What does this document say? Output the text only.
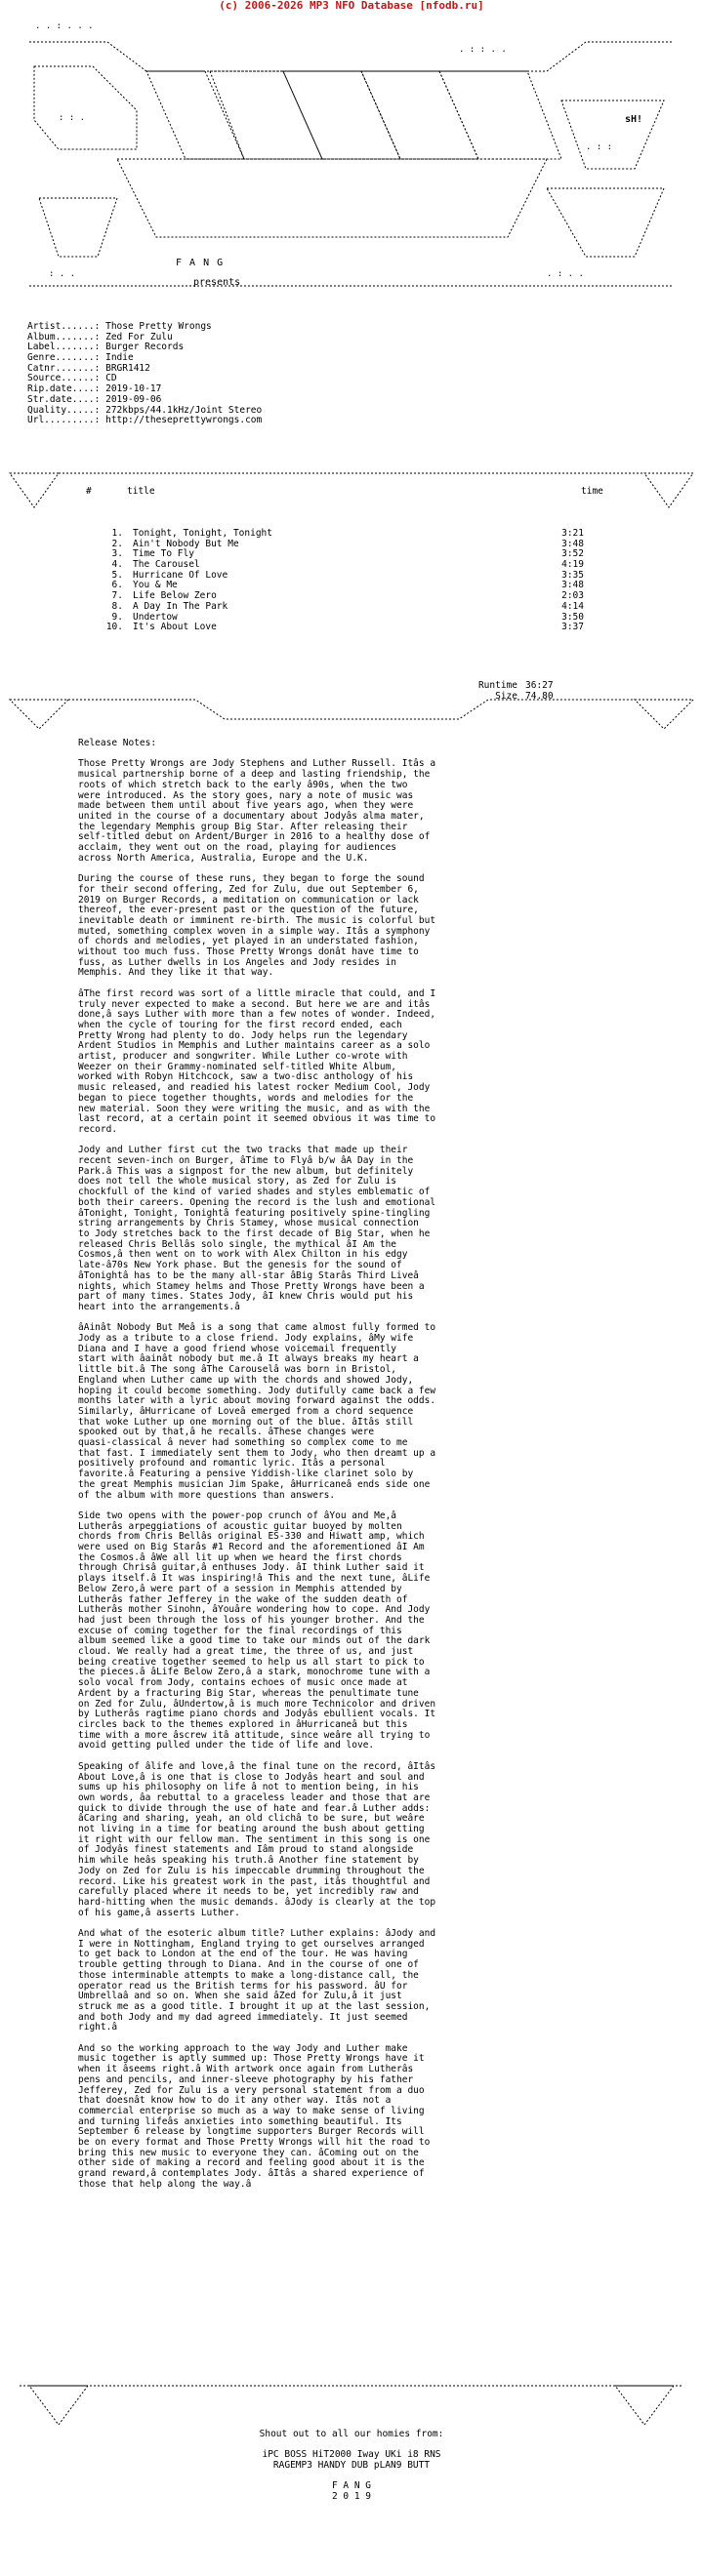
(c) 2006-2026 MP3 NFO Database [nfodb.ru]
. . : . . .
. : : . .
: : .
. : :
: . .	. : . .
sH!
F A N G
presents
Artist......: Those Pretty Wrongs
Album.......: Zed For Zulu
Label.......: Burger Records
Genre.......: Indie
Catnr.......: BRGR1412
Source......: CD
Rip.date....: 2019-10-17
Str.date....: 2019-09-06
Quality.....: 272kbps/44.1kHz/Joint Stereo
Url.........: http://theseprettywrongs.com
#	title	time
1.	Tonight, Tonight, Tonight	3:21
2.	Ain't Nobody But Me	3:48
3.	Time To Fly	3:52
4.	The Carousel	4:19
5.	Hurricane Of Love	3:35
6.	You & Me	3:48
7.	Life Below Zero	2:03
8.	A Day In The Park	4:14
9.	Undertow	3:50
10.	It's About Love	3:37
Runtime 36:27
Size 74.80
Release Notes:

Those Pretty Wrongs are Jody Stephens and Luther Russell. Itâs a
musical partnership borne of a deep and lasting friendship, the
roots of which stretch back to the early â90s, when the two
were introduced. As the story goes, nary a note of music was
made between them until about five years ago, when they were
united in the course of a documentary about Jodyâs alma mater,
the legendary Memphis group Big Star. After releasing their
self-titled debut on Ardent/Burger in 2016 to a healthy dose of
acclaim, they went out on the road, playing for audiences
across North America, Australia, Europe and the U.K.

During the course of these runs, they began to forge the sound
for their second offering, Zed for Zulu, due out September 6,
2019 on Burger Records, a meditation on communication or lack
thereof, the ever-present past or the question of the future,
inevitable death or imminent re-birth. The music is colorful but
muted, something complex woven in a simple way. Itâs a symphony
of chords and melodies, yet played in an understated fashion,
without too much fuss. Those Pretty Wrongs donât have time to
fuss, as Luther dwells in Los Angeles and Jody resides in
Memphis. And they like it that way.

âThe first record was sort of a little miracle that could, and I
truly never expected to make a second. But here we are and itâs
done,â says Luther with more than a few notes of wonder. Indeed,
when the cycle of touring for the first record ended, each
Pretty Wrong had plenty to do. Jody helps run the legendary
Ardent Studios in Memphis and Luther maintains career as a solo
artist, producer and songwriter. While Luther co-wrote with
Weezer on their Grammy-nominated self-titled White Album,
worked with Robyn Hitchcock, saw a two-disc anthology of his
music released, and readied his latest rocker Medium Cool, Jody
began to piece together thoughts, words and melodies for the
new material. Soon they were writing the music, and as with the
last record, at a certain point it seemed obvious it was time to
record.

Jody and Luther first cut the two tracks that made up their
recent seven-inch on Burger, âTime to Flyâ b/w âA Day in the
Park.â This was a signpost for the new album, but definitely
does not tell the whole musical story, as Zed for Zulu is
chockfull of the kind of varied shades and styles emblematic of
both their careers. Opening the record is the lush and emotional
âTonight, Tonight, Tonightâ featuring positively spine-tingling
string arrangements by Chris Stamey, whose musical connection
to Jody stretches back to the first decade of Big Star, when he
released Chris Bellâs solo single, the mythical âI Am the
Cosmos,â then went on to work with Alex Chilton in his edgy
late-â70s New York phase. But the genesis for the sound of
âTonightâ has to be the many all-star âBig Starâs Third Liveâ
nights, which Stamey helms and Those Pretty Wrongs have been a
part of many times. States Jody, âI knew Chris would put his
heart into the arrangements.â

âAinât Nobody But Meâ is a song that came almost fully formed to
Jody as a tribute to a close friend. Jody explains, âMy wife
Diana and I have a good friend whose voicemail frequently
start with âainât nobody but me.â It always breaks my heart a
little bit.â The song âThe Carouselâ was born in Bristol,
England when Luther came up with the chords and showed Jody,
hoping it could become something. Jody dutifully came back a few
months later with a lyric about moving forward against the odds.
Similarly, âHurricane of Loveâ emerged from a chord sequence
that woke Luther up one morning out of the blue. âItâs still
spooked out by that,â he recalls. âThese changes were
quasi-classical â never had something so complex come to me
that fast. I immediately sent them to Jody, who then dreamt up a
positively profound and romantic lyric. Itâs a personal
favorite.â Featuring a pensive Yiddish-like clarinet solo by
the great Memphis musician Jim Spake, âHurricaneâ ends side one
of the album with more questions than answers.

Side two opens with the power-pop crunch of âYou and Me,â
Lutherâs arpeggiations of acoustic guitar buoyed by molten
chords from Chris Bellâs original ES-330 and Hiwatt amp, which
were used on Big Starâs #1 Record and the aforementioned âI Am
the Cosmos.â âWe all lit up when we heard the first chords
through Chrisâ guitar,â enthuses Jody. âI think Luther said it
plays itself.â It was inspiring!â This and the next tune, âLife
Below Zero,â were part of a session in Memphis attended by
Lutherâs father Jefferey in the wake of the sudden death of
Lutherâs mother Sinohn, âYouâre wondering how to cope. And Jody
had just been through the loss of his younger brother. And the
excuse of coming together for the final recordings of this
album seemed like a good time to take our minds out of the dark
cloud. We really had a great time, the three of us, and just
being creative together seemed to help us all start to pick to
the pieces.â âLife Below Zero,â a stark, monochrome tune with a
solo vocal from Jody, contains echoes of music once made at
Ardent by a fracturing Big Star, whereas the penultimate tune
on Zed for Zulu, âUndertow,â is much more Technicolor and driven
by Lutherâs ragtime piano chords and Jodyâs ebullient vocals. It
circles back to the themes explored in âHurricaneâ but this
time with a more âscrew itâ attitude, since weâre all trying to
avoid getting pulled under the tide of life and love.

Speaking of âlife and love,â the final tune on the record, âItâs
About Love,â is one that is close to Jodyâs heart and soul and
sums up his philosophy on life â not to mention being, in his
own words, âa rebuttal to a graceless leader and those that are
quick to divide through the use of hate and fear.â Luther adds:
âCaring and sharing, yeah, an old clichâ to be sure, but weâre
not living in a time for beating around the bush about getting
it right with our fellow man. The sentiment in this song is one
of Jodyâs finest statements and Iâm proud to stand alongside
him while heâs speaking his truth.â Another fine statement by
Jody on Zed for Zulu is his impeccable drumming throughout the
record. Like his greatest work in the past, itâs thoughtful and
carefully placed where it needs to be, yet incredibly raw and
hard-hitting when the music demands. âJody is clearly at the top
of his game,â asserts Luther.

And what of the esoteric album title? Luther explains: âJody and
I were in Nottingham, England trying to get ourselves arranged
to get back to London at the end of the tour. He was having
trouble getting through to Diana. And in the course of one of
those interminable attempts to make a long-distance call, the
operator read us the British terms for his password. âU for
Umbrellaâ and so on. When she said âZed for Zulu,â it just
struck me as a good title. I brought it up at the last session,
and both Jody and my dad agreed immediately. It just seemed
right.â

And so the working approach to the way Jody and Luther make
music together is aptly summed up: Those Pretty Wrongs have it
when it âseems right.â With artwork once again from Lutherâs
pens and pencils, and inner-sleeve photography by his father
Jefferey, Zed for Zulu is a very personal statement from a duo
that doesnât know how to do it any other way. Itâs not a
commercial enterprise so much as a way to make sense of living
and turning lifeâs anxieties into something beautiful. Its
September 6 release by longtime supporters Burger Records will
be on every format and Those Pretty Wrongs will hit the road to
bring this new music to everyone they can. âComing out on the
other side of making a record and feeling good about it is the
grand reward,â contemplates Jody. âItâs a shared experience of
those that help along the way.â

Shout out to all our homies from:
iPC BOSS HiT2000 Iway UKi i8 RNS
RAGEMP3 HANDY DUB pLAN9 BUTT
F A N G
2 0 1 9
